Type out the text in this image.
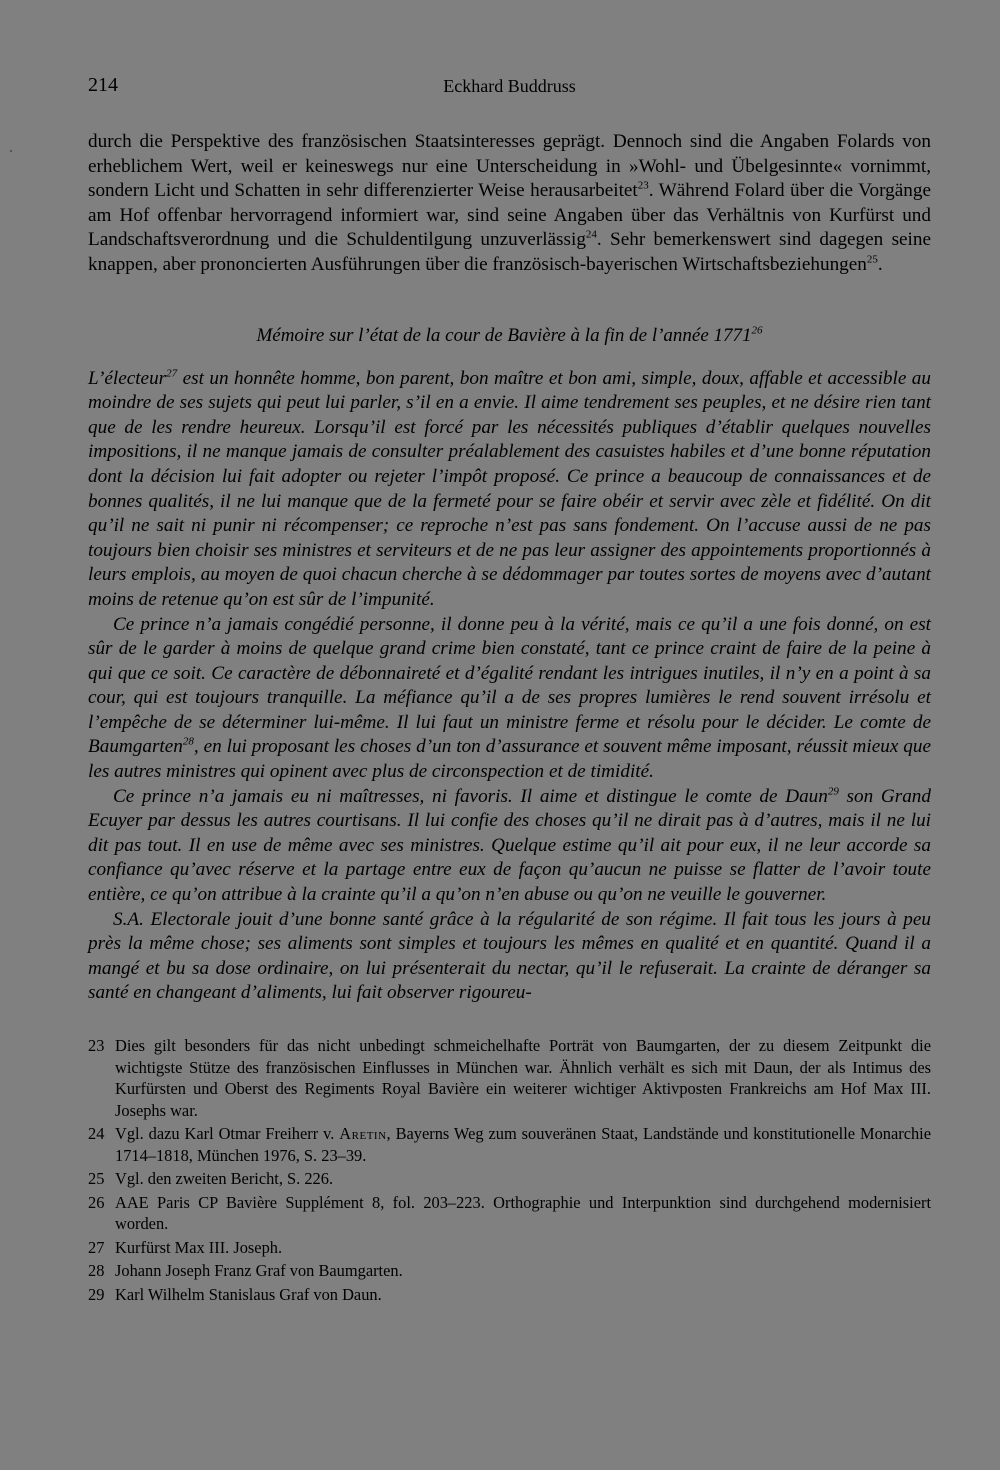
214	Eckhard Buddruss
durch die Perspektive des französischen Staatsinteresses geprägt. Dennoch sind die Angaben Folards von erheblichem Wert, weil er keineswegs nur eine Unterscheidung in »Wohl- und Übelgesinnte« vornimmt, sondern Licht und Schatten in sehr differenzierter Weise herausarbeitet$^{23}$. Während Folard über die Vorgänge am Hof offenbar hervorragend informiert war, sind seine Angaben über das Verhältnis von Kurfürst und Landschaftsverordnung und die Schuldentilgung unzuverlässig$^{24}$. Sehr bemerkenswert sind dagegen seine knappen, aber prononcierten Ausführungen über die französisch-bayerischen Wirtschaftsbeziehungen$^{25}$.
Mémoire sur l’état de la cour de Bavière à la fin de l’année 1771$^{26}$

L’électeur$^{27}$ est un honnête homme, bon parent, bon maître et bon ami, simple, doux, affable et accessible au moindre de ses sujets qui peut lui parler, s’il en a envie. Il aime tendrement ses peuples, et ne désire rien tant que de les rendre heureux. Lorsqu’il est forcé par les nécessités publiques d’établir quelques nouvelles impositions, il ne manque jamais de consulter préalablement des casuistes habiles et d’une bonne réputation dont la décision lui fait adopter ou rejeter l’impôt proposé. Ce prince a beaucoup de connaissances et de bonnes qualités, il ne lui manque que de la fermeté pour se faire obéir et servir avec zèle et fidélité. On dit qu’il ne sait ni punir ni récompenser; ce reproche n’est pas sans fondement. On l’accuse aussi de ne pas toujours bien choisir ses ministres et serviteurs et de ne pas leur assigner des appointements proportionnés à leurs emplois, au moyen de quoi chacun cherche à se dédommager par toutes sortes de moyens avec d’autant moins de retenue qu’on est sûr de l’impunité.

Ce prince n’a jamais congédié personne, il donne peu à la vérité, mais ce qu’il a une fois donné, on est sûr de le garder à moins de quelque grand crime bien constaté, tant ce prince craint de faire de la peine à qui que ce soit. Ce caractère de débonnaireté et d’égalité rendant les intrigues inutiles, il n’y en a point à sa cour, qui est toujours tranquille. La méfiance qu’il a de ses propres lumières le rend souvent irrésolu et l’empêche de se déterminer lui-même. Il lui faut un ministre ferme et résolu pour le décider. Le comte de Baumgarten$^{28}$, en lui proposant les choses d’un ton d’assurance et souvent même imposant, réussit mieux que les autres ministres qui opinent avec plus de circonspection et de timidité.

Ce prince n’a jamais eu ni maîtresses, ni favoris. Il aime et distingue le comte de Daun$^{29}$ son Grand Ecuyer par dessus les autres courtisans. Il lui confie des choses qu’il ne dirait pas à d’autres, mais il ne lui dit pas tout. Il en use de même avec ses ministres. Quelque estime qu’il ait pour eux, il ne leur accorde sa confiance qu’avec réserve et la partage entre eux de façon qu’aucun ne puisse se flatter de l’avoir toute entière, ce qu’on attribue à la crainte qu’il a qu’on n’en abuse ou qu’on ne veuille le gouverner.

S.A. Electorale jouit d’une bonne santé grâce à la régularité de son régime. Il fait tous les jours à peu près la même chose; ses aliments sont simples et toujours les mêmes en qualité et en quantité. Quand il a mangé et bu sa dose ordinaire, on lui présenterait du nectar, qu’il le refuserait. La crainte de déranger sa santé en changeant d’aliments, lui fait observer rigoureu-

23 Dies gilt besonders für das nicht unbedingt schmeichelhafte Porträt von Baumgarten, der zu diesem Zeitpunkt die wichtigste Stütze des französischen Einflusses in München war. Ähnlich verhält es sich mit Daun, der als Intimus des Kurfürsten und Oberst des Regiments Royal Bavière ein weiterer wichtiger Aktivposten Frankreichs am Hof Max III. Josephs war.
24 Vgl. dazu Karl Otmar Freiherr v. Aretin, Bayerns Weg zum souveränen Staat, Landstände und konstitutionelle Monarchie 1714–1818, München 1976, S. 23–39.
25 Vgl. den zweiten Bericht, S. 226.
26 AAE Paris CP Bavière Supplément 8, fol. 203–223. Orthographie und Interpunktion sind durchgehend modernisiert worden.
27 Kurfürst Max III. Joseph.
28 Johann Joseph Franz Graf von Baumgarten.
29 Karl Wilhelm Stanislaus Graf von Daun.
